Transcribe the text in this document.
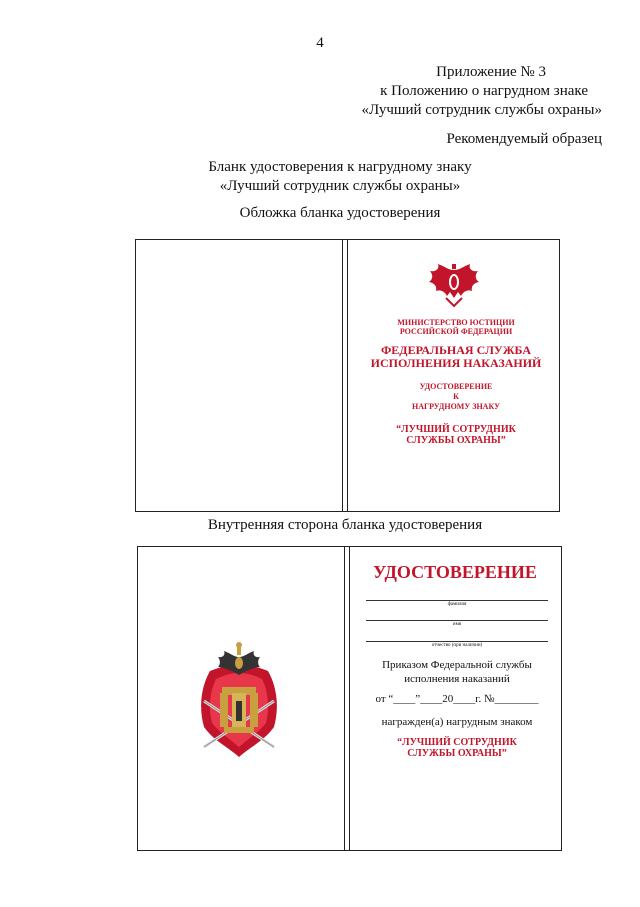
4
Приложение № 3
к Положению о нагрудном знаке
«Лучший сотрудник службы охраны»
Рекомендуемый образец
Бланк удостоверения к нагрудному знаку
«Лучший сотрудник службы охраны»
Обложка бланка удостоверения
МИНИСТЕРСТВО ЮСТИЦИИ
РОССИЙСКОЙ ФЕДЕРАЦИИ
ФЕДЕРАЛЬНАЯ СЛУЖБА
ИСПОЛНЕНИЯ НАКАЗАНИЙ
УДОСТОВЕРЕНИЕ
К
НАГРУДНОМУ ЗНАКУ
“ЛУЧШИЙ СОТРУДНИК
СЛУЖБЫ ОХРАНЫ”
Внутренняя сторона бланка удостоверения
УДОСТОВЕРЕНИЕ
фамилия
имя
отчество (при наличии)
Приказом Федеральной службы
исполнения наказаний
от “____”____20____г. №________
награжден(а) нагрудным знаком
“ЛУЧШИЙ СОТРУДНИК
СЛУЖБЫ ОХРАНЫ”
